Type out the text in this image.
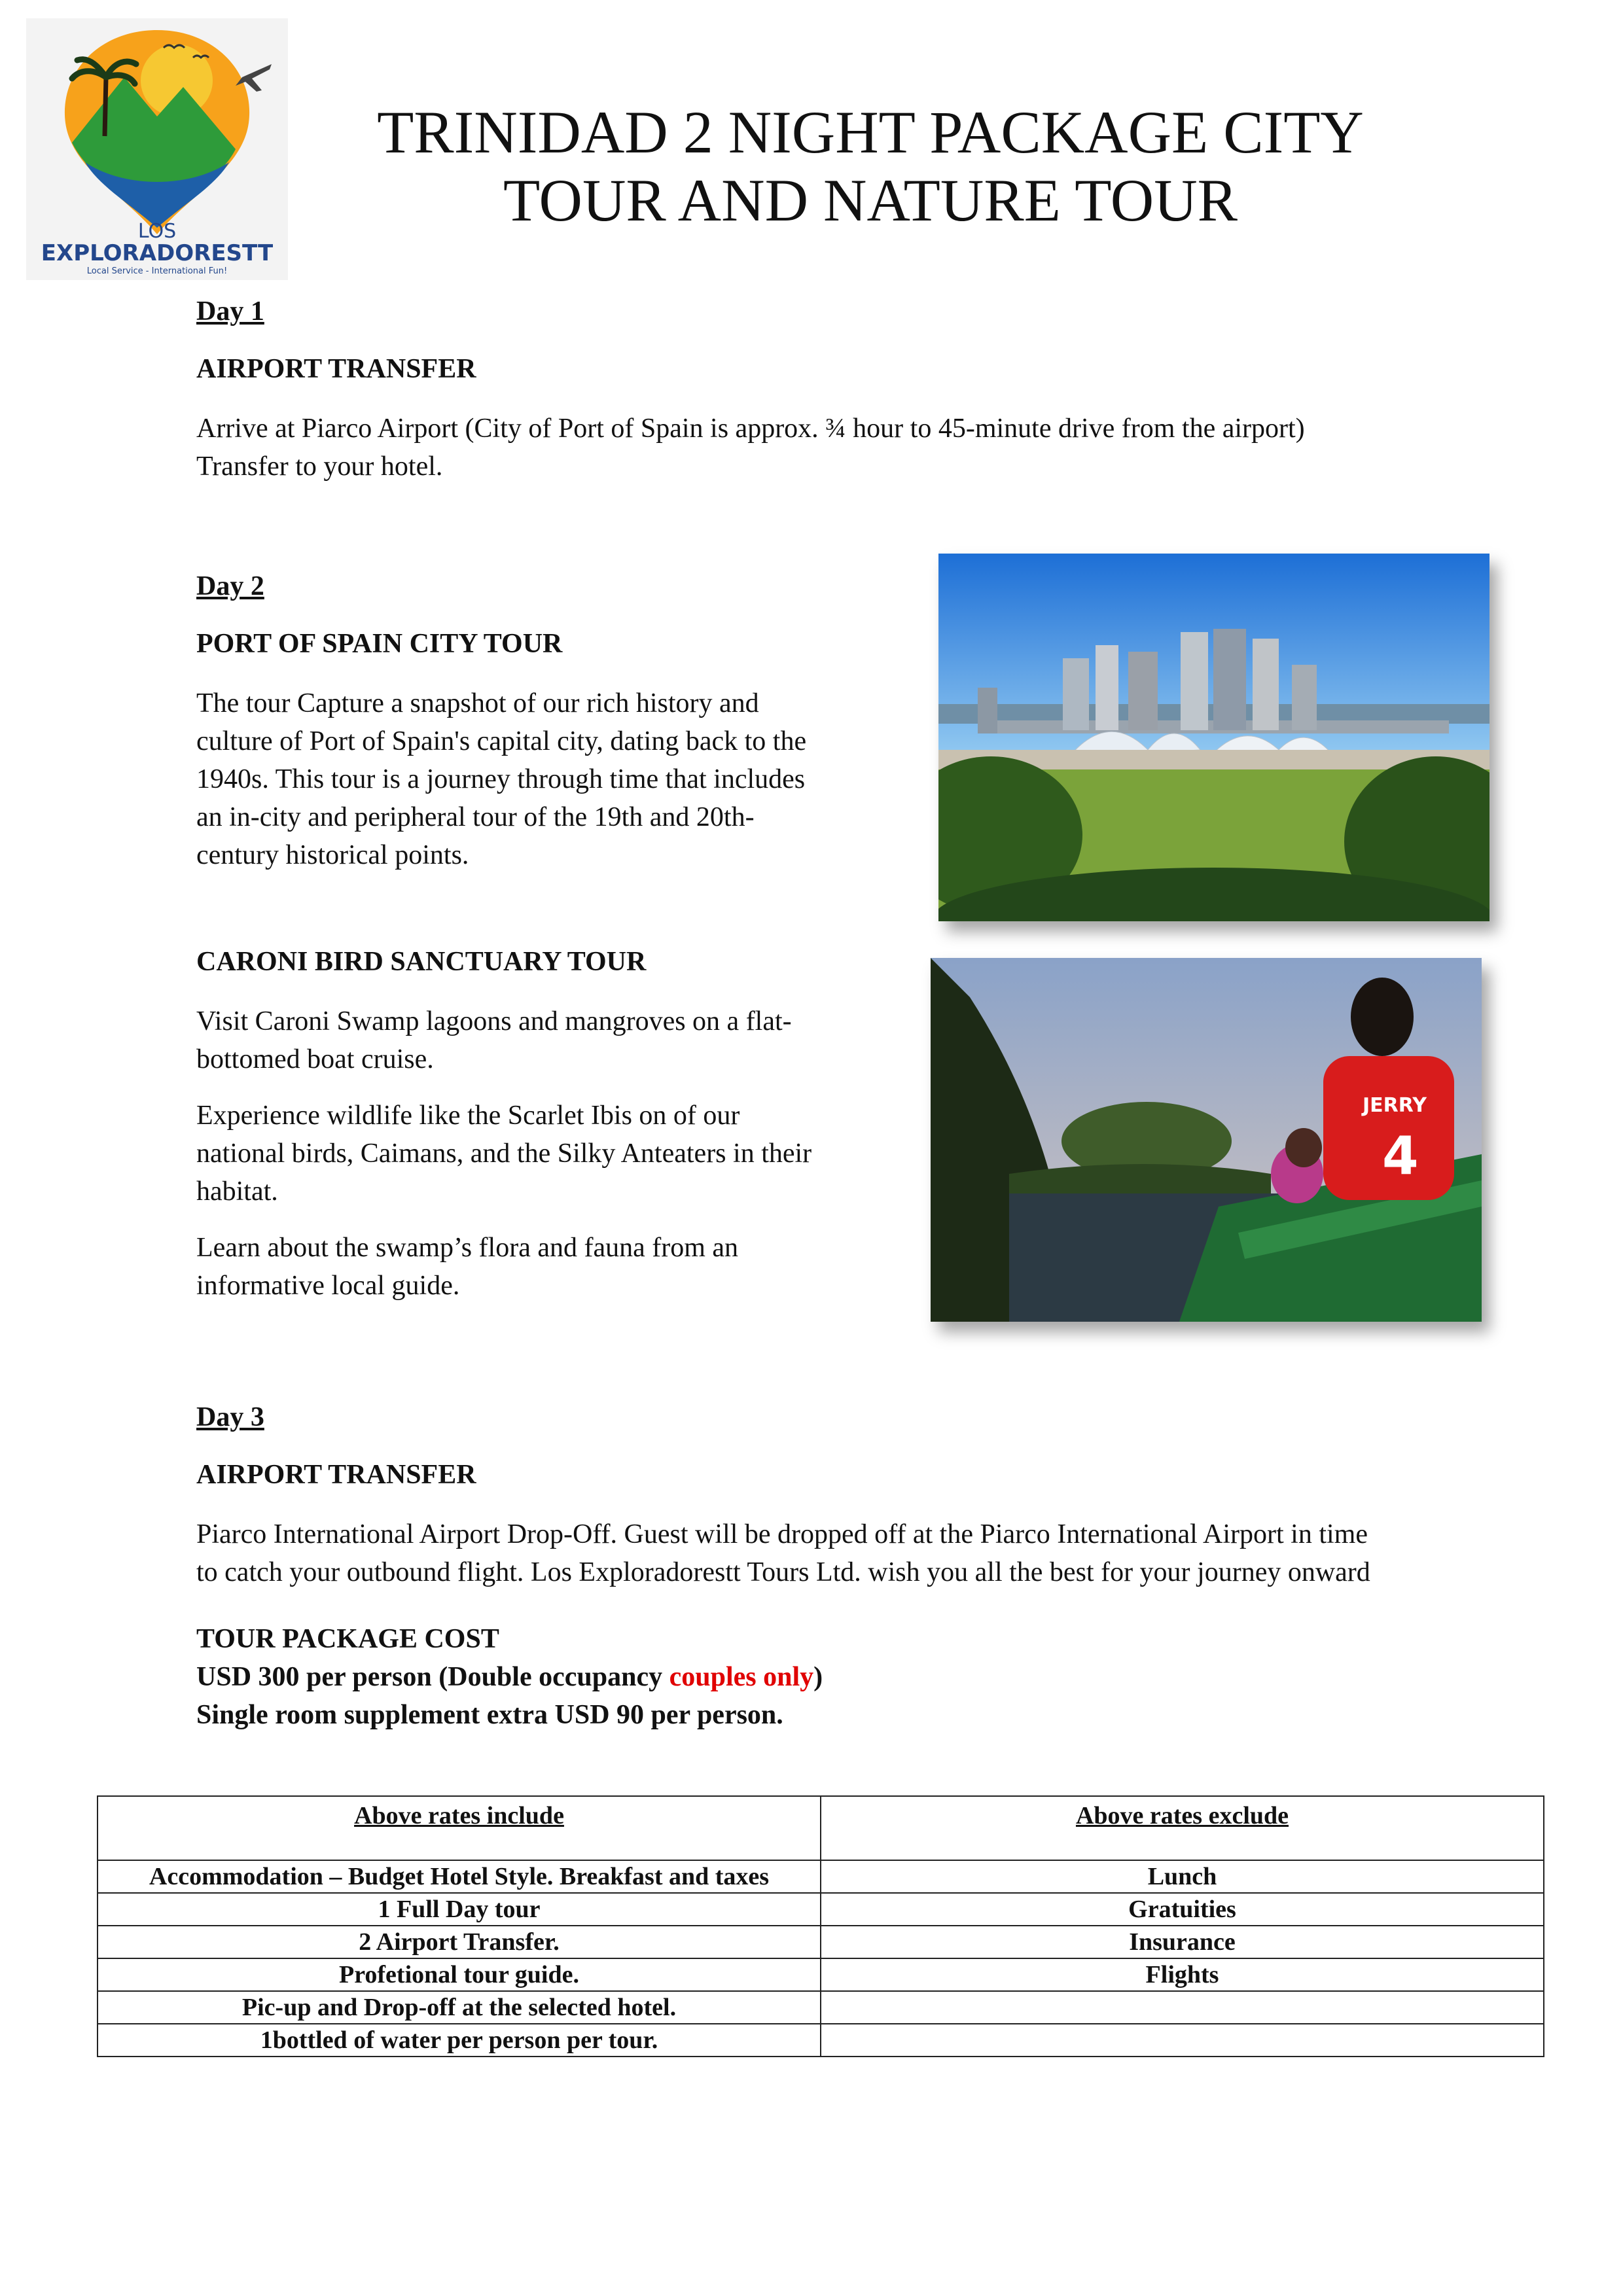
LOS
EXPLORADORESTT
Local Service - International Fun!
TRINIDAD 2 NIGHT PACKAGE CITY
TOUR AND NATURE TOUR
Day 1
AIRPORT TRANSFER
Arrive at Piarco Airport (City of Port of Spain is approx. ¾ hour to 45-minute drive from the airport)
Transfer to your hotel.
Day 2
PORT OF SPAIN CITY TOUR
The tour Capture a snapshot of our rich history and
culture of Port of Spain's capital city, dating back to the
1940s. This tour is a journey through time that includes
an in-city and peripheral tour of the 19th and 20th-
century historical points.
CARONI BIRD SANCTUARY TOUR
Visit Caroni Swamp lagoons and mangroves on a flat-
bottomed boat cruise.
Experience wildlife like the Scarlet Ibis on of our
national birds, Caimans, and the Silky Anteaters in their
habitat.
Learn about the swamp’s flora and fauna from an
informative local guide.
JERRY
4
Day 3
AIRPORT TRANSFER
Piarco International Airport Drop-Off. Guest will be dropped off at the Piarco International Airport in time
to catch your outbound flight. Los Exploradorestt Tours Ltd. wish you all the best for your journey onward
TOUR PACKAGE COST
USD 300 per person (Double occupancy couples only)
Single room supplement extra USD 90 per person.
Above rates include	Above rates exclude
Accommodation – Budget Hotel Style. Breakfast and taxes	Lunch
1 Full Day tour	Gratuities
2 Airport Transfer.	Insurance
Profetional tour guide.	Flights
Pic-up and Drop-off at the selected hotel.	
1bottled of water per person per tour.	
